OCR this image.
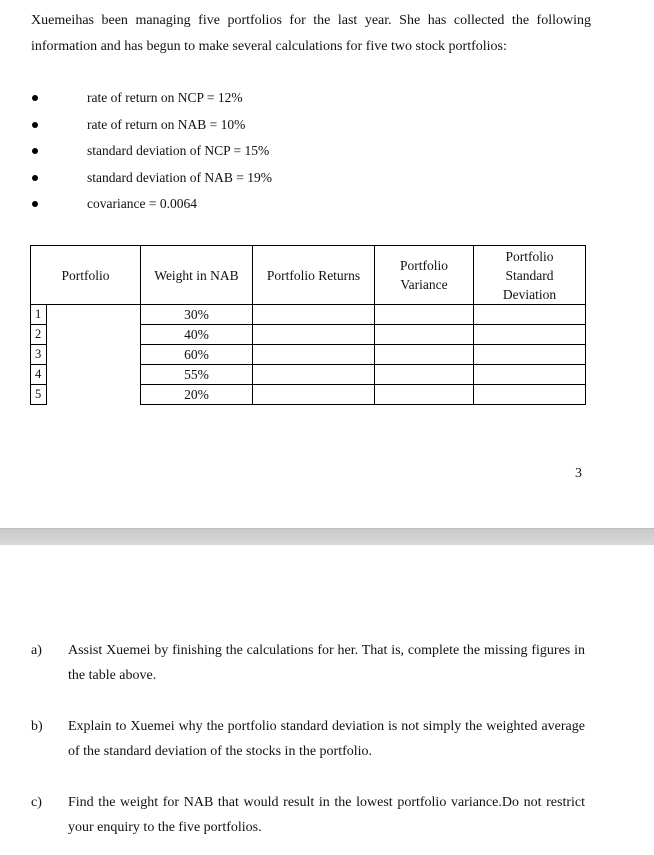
Xuemeihas been managing five portfolios for the last year. She has collected the following information and has begun to make several calculations for five two stock portfolios:

rate of return on NCP = 12%
rate of return on NAB = 10%
standard deviation of NCP = 15%
standard deviation of NAB = 19%
covariance = 0.0064
Portfolio		Weight in NAB	Portfolio Returns	Portfolio Variance	Portfolio Standard Deviation
1		30%			
2		40%			
3		60%			
4		55%			
5		20%			
3
a) Assist Xuemei by finishing the calculations for her. That is, complete the missing figures in the table above.
b) Explain to Xuemei why the portfolio standard deviation is not simply the weighted average of the standard deviation of the stocks in the portfolio.
c) Find the weight for NAB that would result in the lowest portfolio variance.Do not restrict your enquiry to the five portfolios.
